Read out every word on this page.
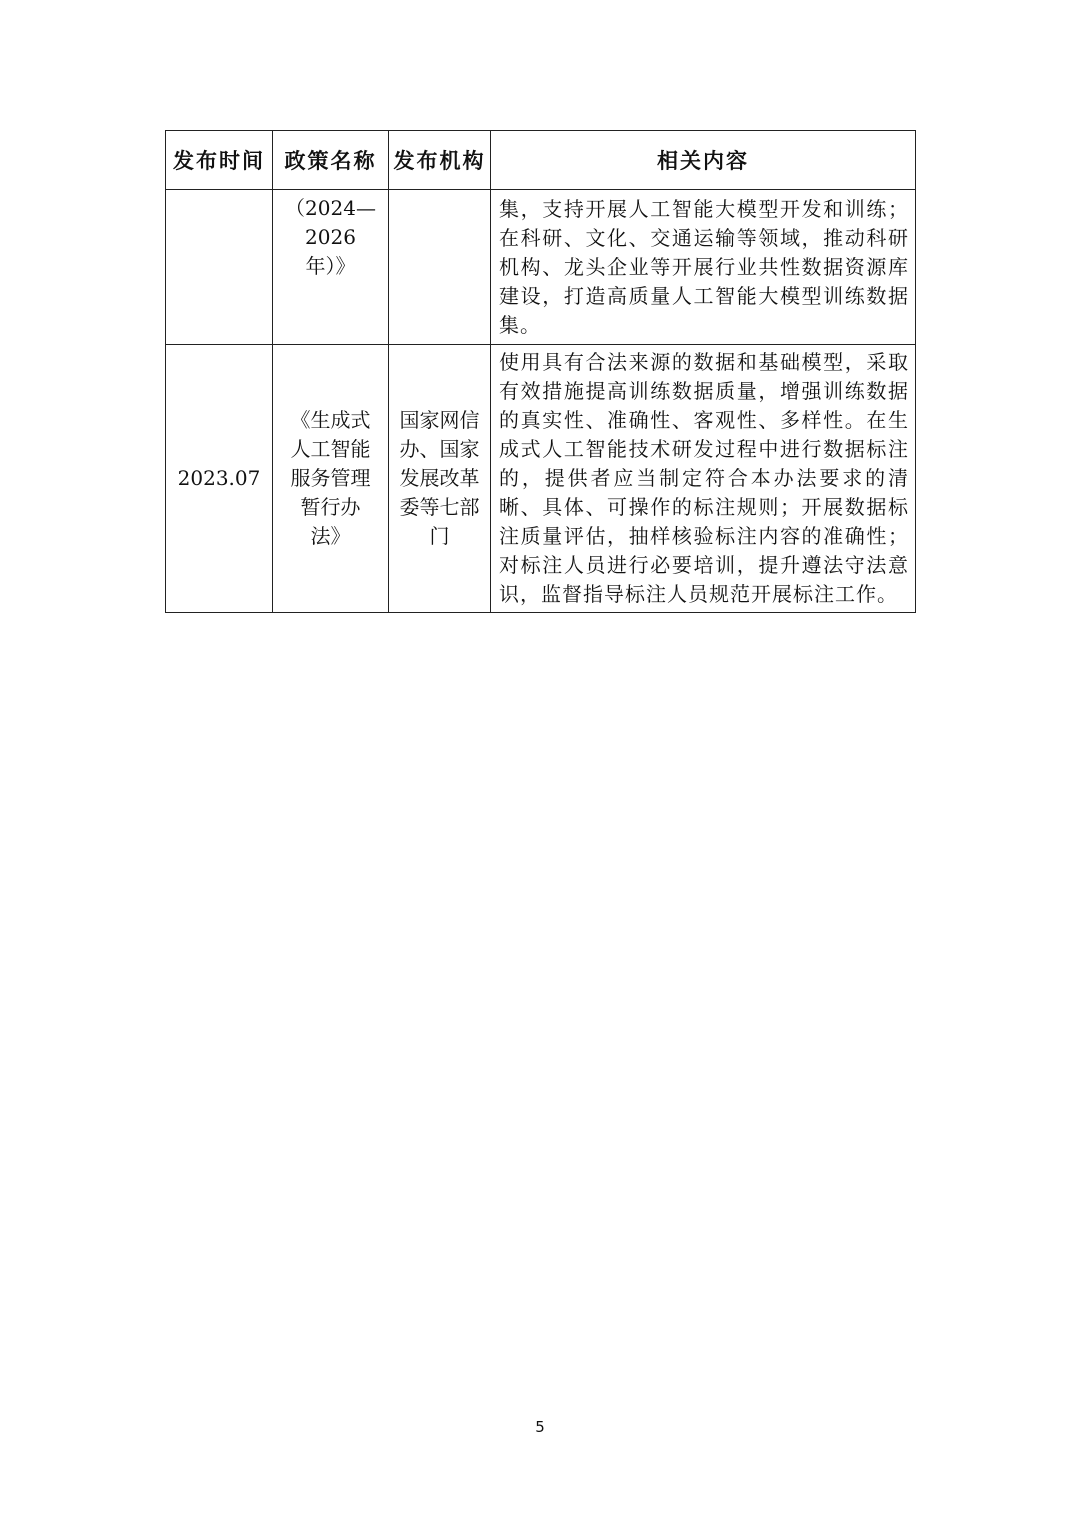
发布时间	政策名称	发布机构	相关内容

	（2024—
2026
年）》		集，支持开展人工智能大模型开发和训练；在科研、文化、交通运输等领域，推动科研机构、龙头企业等开展行业共性数据资源库建设，打造高质量人工智能大模型训练数据集。

2023.07	《生成式
人工智能
服务管理
暂行办
法》	国家网信
办、国家
发展改革
委等七部
门	使用具有合法来源的数据和基础模型，采取有效措施提高训练数据质量，增强训练数据的真实性、准确性、客观性、多样性。在生成式人工智能技术研发过程中进行数据标注的，提供者应当制定符合本办法要求的清晰、具体、可操作的标注规则；开展数据标注质量评估，抽样核验标注内容的准确性；对标注人员进行必要培训，提升遵法守法意识，监督指导标注人员规范开展标注工作。
5
